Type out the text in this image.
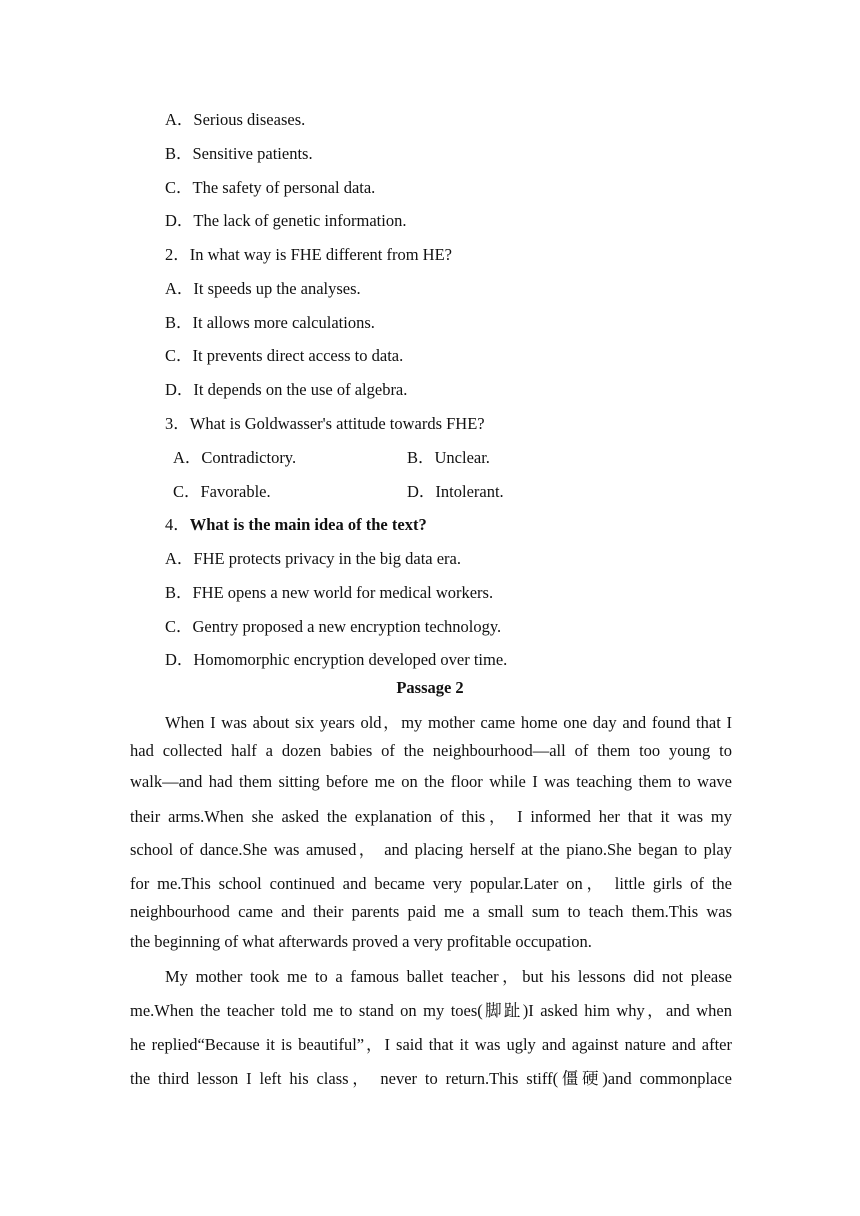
A．Serious diseases.
B．Sensitive patients.
C．The safety of personal data.
D．The lack of genetic information.
2．In what way is FHE different from HE?
A．It speeds up the analyses.
B．It allows more calculations.
C．It prevents direct access to data.
D．It depends on the use of algebra.
3．What is Goldwasser's attitude towards FHE?
A．Contradictory.	B．Unclear.
C．Favorable.	D．Intolerant.
4．What is the main idea of the text?
A．FHE protects privacy in the big data era.
B．FHE opens a new world for medical workers.
C．Gentry proposed a new encryption technology.
D．Homomorphic encryption developed over time.
Passage 2
When I was about six years old，my mother came home one day and found that I
had collected half a dozen babies of the neighbourhood—all of them too young to
walk—and had them sitting before me on the floor while I was teaching them to wave
their arms.When she asked the explanation of this， I informed her that it was my
school of dance.She was amused， and placing herself at the piano.She began to play
for me.This school continued and became very popular.Later on， little girls of the
neighbourhood came and their parents paid me a small sum to teach them.This was
the beginning of what afterwards proved a very profitable occupation.
My mother took me to a famous ballet teacher，but his lessons did not please
me.When the teacher told me to stand on my toes(脚趾)I asked him why，and when
he replied“Because it is beautiful”，I said that it was ugly and against nature and after
the third lesson I left his class， never to return.This stiff(僵硬)and commonplace
